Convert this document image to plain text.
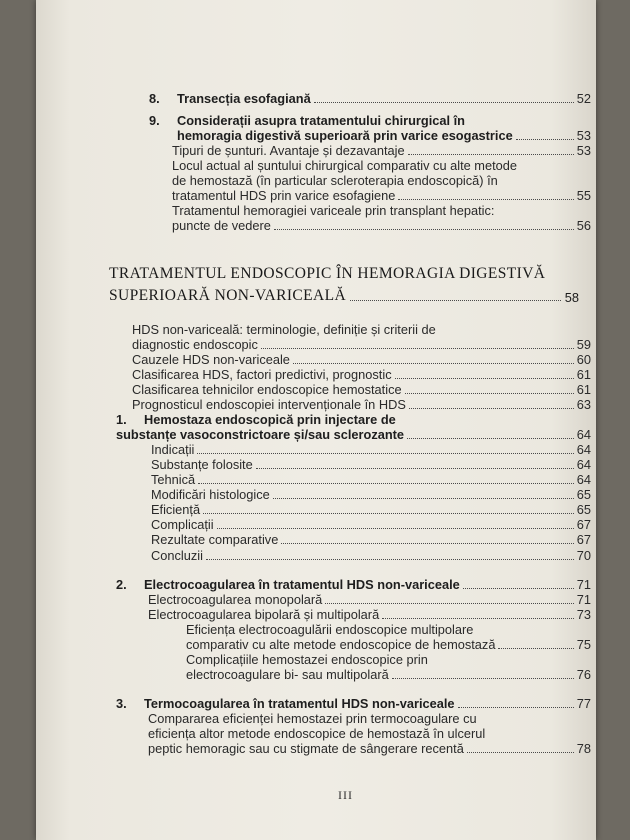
8. Transecția esofagiană	52
9. Considerații asupra tratamentului chirurgical în
hemoragia digestivă superioară prin varice esogastrice	53
Tipuri de șunturi. Avantaje și dezavantaje	53
Locul actual al șuntului chirurgical comparativ cu alte metode
de hemostază (în particular scleroterapia endoscopică) în
tratamentul HDS prin varice esofagiene	55
Tratamentul hemoragiei variceale prin transplant hepatic:
puncte de vedere	56
TRATAMENTUL ENDOSCOPIC ÎN HEMORAGIA DIGESTIVĂ
SUPERIOARĂ NON-VARICEALĂ	58
HDS non-variceală: terminologie, definiție și criterii de
diagnostic endoscopic	59
Cauzele HDS non-variceale	60
Clasificarea HDS, factori predictivi, prognostic	61
Clasificarea tehnicilor endoscopice hemostatice	61
Prognosticul endoscopiei intervenționale în HDS	63
1. Hemostaza endoscopică prin injectare de
substanțe vasoconstrictoare și/sau sclerozante	64
Indicații	64
Substanțe folosite	64
Tehnică	64
Modificări histologice	65
Eficiență	65
Complicații	67
Rezultate comparative	67
Concluzii	70
2. Electrocoagularea în tratamentul HDS non-variceale	71
Electrocoagularea monopolară	71
Electrocoagularea bipolară și multipolară	73
Eficiența electrocoagulării endoscopice multipolare
comparativ cu alte metode endoscopice de hemostază	75
Complicațiile hemostazei endoscopice prin
electrocoagulare bi- sau multipolară	76
3. Termocoagularea în tratamentul HDS non-variceale	77
Compararea eficienței hemostazei prin termocoagulare cu
eficiența altor metode endoscopice de hemostază în ulcerul
peptic hemoragic sau cu stigmate de sângerare recentă	78
III
